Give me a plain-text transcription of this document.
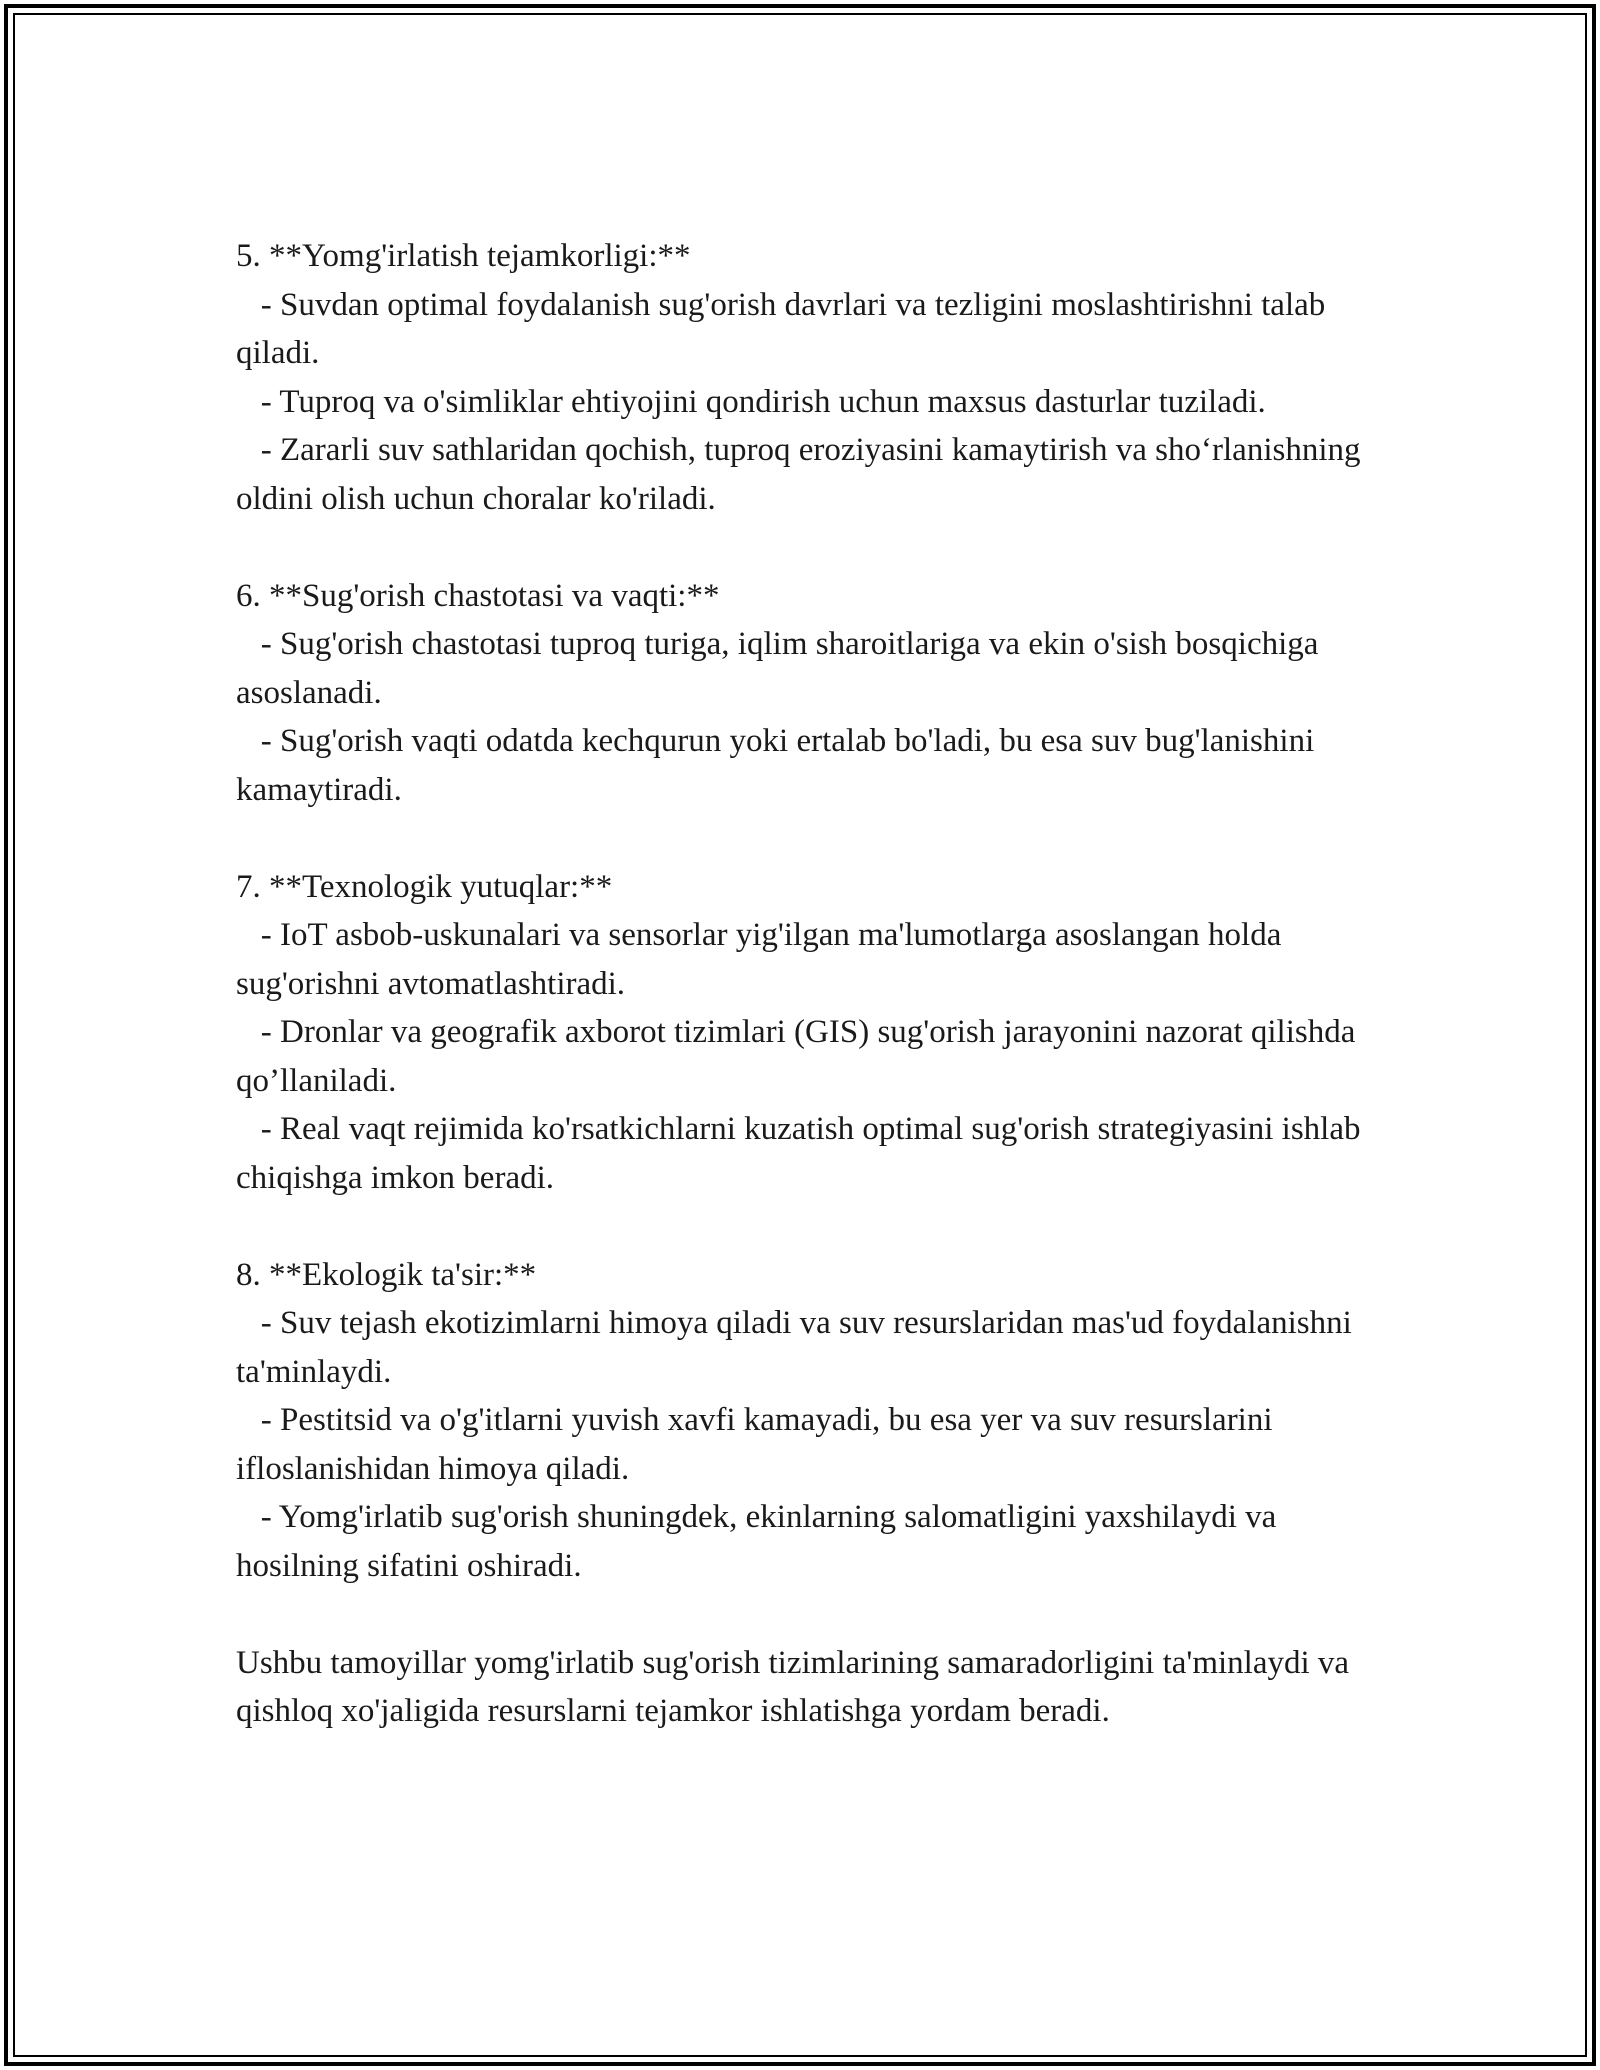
5. **Yomg'irlatish tejamkorligi:**

- Suvdan optimal foydalanish sug'orish davrlari va tezligini moslashtirishni talab qiladi.

- Tuproq va o'simliklar ehtiyojini qondirish uchun maxsus dasturlar tuziladi.

- Zararli suv sathlaridan qochish, tuproq eroziyasini kamaytirish va sho‘rlanishning oldini olish uchun choralar ko'riladi.

6. **Sug'orish chastotasi va vaqti:**

- Sug'orish chastotasi tuproq turiga, iqlim sharoitlariga va ekin o'sish bosqichiga asoslanadi.

- Sug'orish vaqti odatda kechqurun yoki ertalab bo'ladi, bu esa suv bug'lanishini kamaytiradi.

7. **Texnologik yutuqlar:**

- IoT asbob-uskunalari va sensorlar yig'ilgan ma'lumotlarga asoslangan holda sug'orishni avtomatlashtiradi.

- Dronlar va geografik axborot tizimlari (GIS) sug'orish jarayonini nazorat qilishda qo’llaniladi.

- Real vaqt rejimida ko'rsatkichlarni kuzatish optimal sug'orish strategiyasini ishlab chiqishga imkon beradi.

8. **Ekologik ta'sir:**

- Suv tejash ekotizimlarni himoya qiladi va suv resurslaridan mas'ud foydalanishni ta'minlaydi.

- Pestitsid va o'g'itlarni yuvish xavfi kamayadi, bu esa yer va suv resurslarini ifloslanishidan himoya qiladi.

- Yomg'irlatib sug'orish shuningdek, ekinlarning salomatligini yaxshilaydi va hosilning sifatini oshiradi.

Ushbu tamoyillar yomg'irlatib sug'orish tizimlarining samaradorligini ta'minlaydi va qishloq xo'jaligida resurslarni tejamkor ishlatishga yordam beradi.
